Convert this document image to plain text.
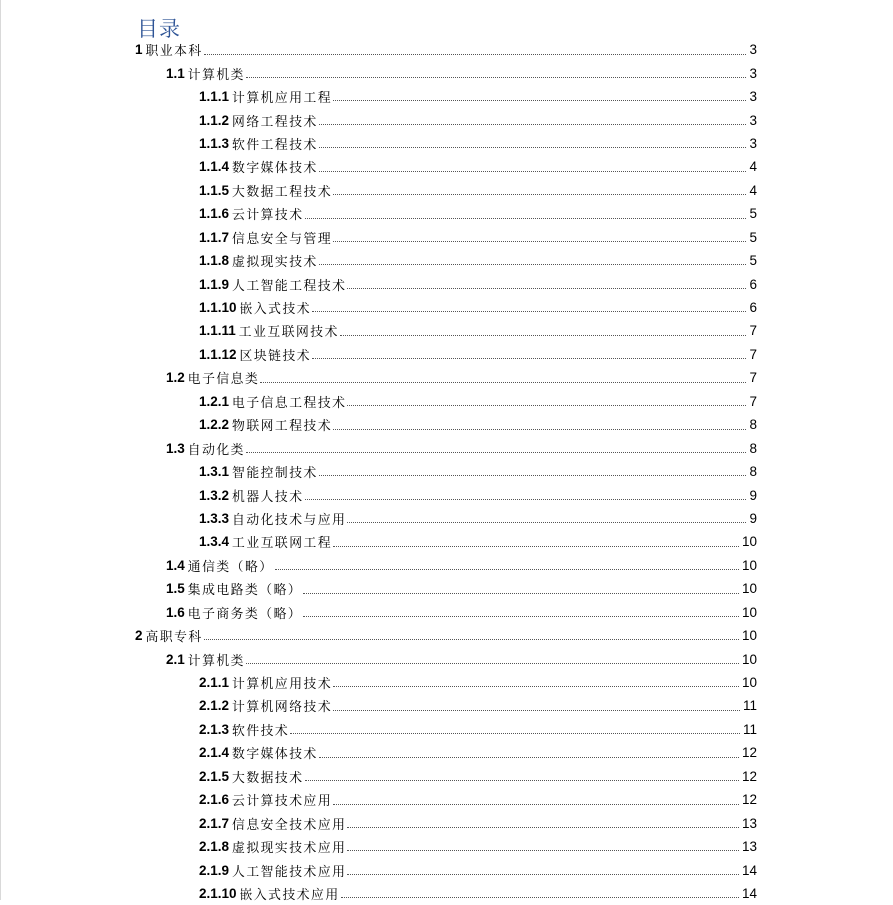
目录
1 职业本科	3
1.1 计算机类	3
1.1.1 计算机应用工程	3
1.1.2 网络工程技术	3
1.1.3 软件工程技术	3
1.1.4 数字媒体技术	4
1.1.5 大数据工程技术	4
1.1.6 云计算技术	5
1.1.7 信息安全与管理	5
1.1.8 虚拟现实技术	5
1.1.9 人工智能工程技术	6
1.1.10 嵌入式技术	6
1.1.11 工业互联网技术	7
1.1.12 区块链技术	7
1.2 电子信息类	7
1.2.1 电子信息工程技术	7
1.2.2 物联网工程技术	8
1.3 自动化类	8
1.3.1 智能控制技术	8
1.3.2 机器人技术	9
1.3.3 自动化技术与应用	9
1.3.4 工业互联网工程	10
1.4 通信类（略）	10
1.5 集成电路类（略）	10
1.6 电子商务类（略）	10
2 高职专科	10
2.1 计算机类	10
2.1.1 计算机应用技术	10
2.1.2 计算机网络技术	11
2.1.3 软件技术	11
2.1.4 数字媒体技术	12
2.1.5 大数据技术	12
2.1.6 云计算技术应用	12
2.1.7 信息安全技术应用	13
2.1.8 虚拟现实技术应用	13
2.1.9 人工智能技术应用	14
2.1.10 嵌入式技术应用	14
